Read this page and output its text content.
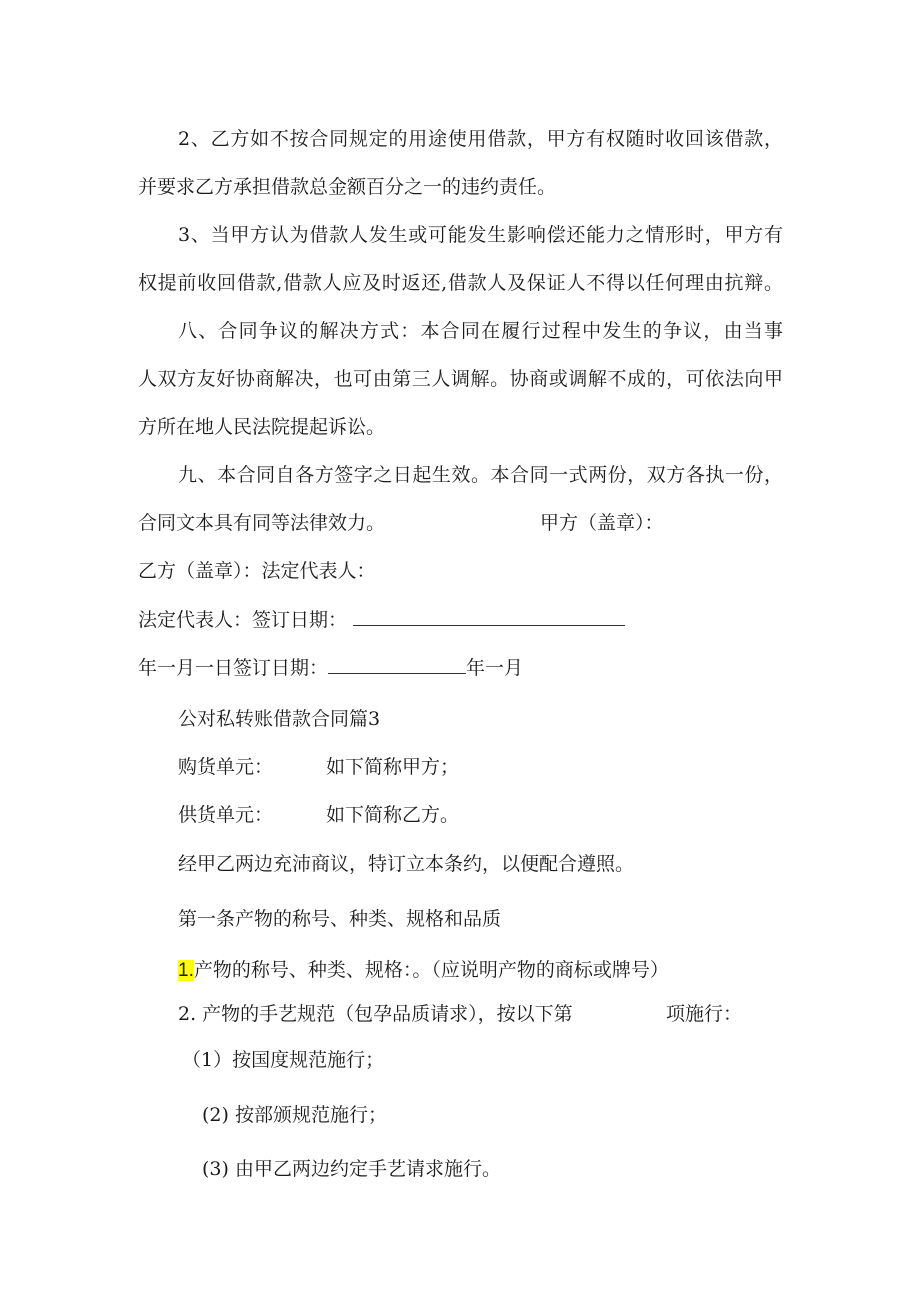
2、乙方如不按合同规定的用途使用借款，甲方有权随时收回该借款，
并要求乙方承担借款总金额百分之一的违约责任。
3、当甲方认为借款人发生或可能发生影响偿还能力之情形时，甲方有
权提前收回借款,借款人应及时返还,借款人及保证人不得以任何理由抗辩。
八、合同争议的解决方式：本合同在履行过程中发生的争议，由当事
人双方友好协商解决，也可由第三人调解。协商或调解不成的，可依法向甲
方所在地人民法院提起诉讼。
九、本合同自各方签字之日起生效。本合同一式两份，双方各执一份，
合同文本具有同等法律效力。	甲方（盖章）：
乙方（盖章）：法定代表人：
法定代表人：签订日期：
年一月一日签订日期：	年一月
公对私转账借款合同篇3
购货单元：	如下简称甲方；
供货单元：	如下简称乙方。
经甲乙两边充沛商议，特订立本条约，以便配合遵照。
第一条产物的称号、种类、规格和品质
1.产物的称号、种类、规格：。（应说明产物的商标或牌号）
2. 产物的手艺规范（包孕品质请求），按以下第	项施行：
（1）按国度规范施行；
(2) 按部颁规范施行；
(3) 由甲乙两边约定手艺请求施行。
